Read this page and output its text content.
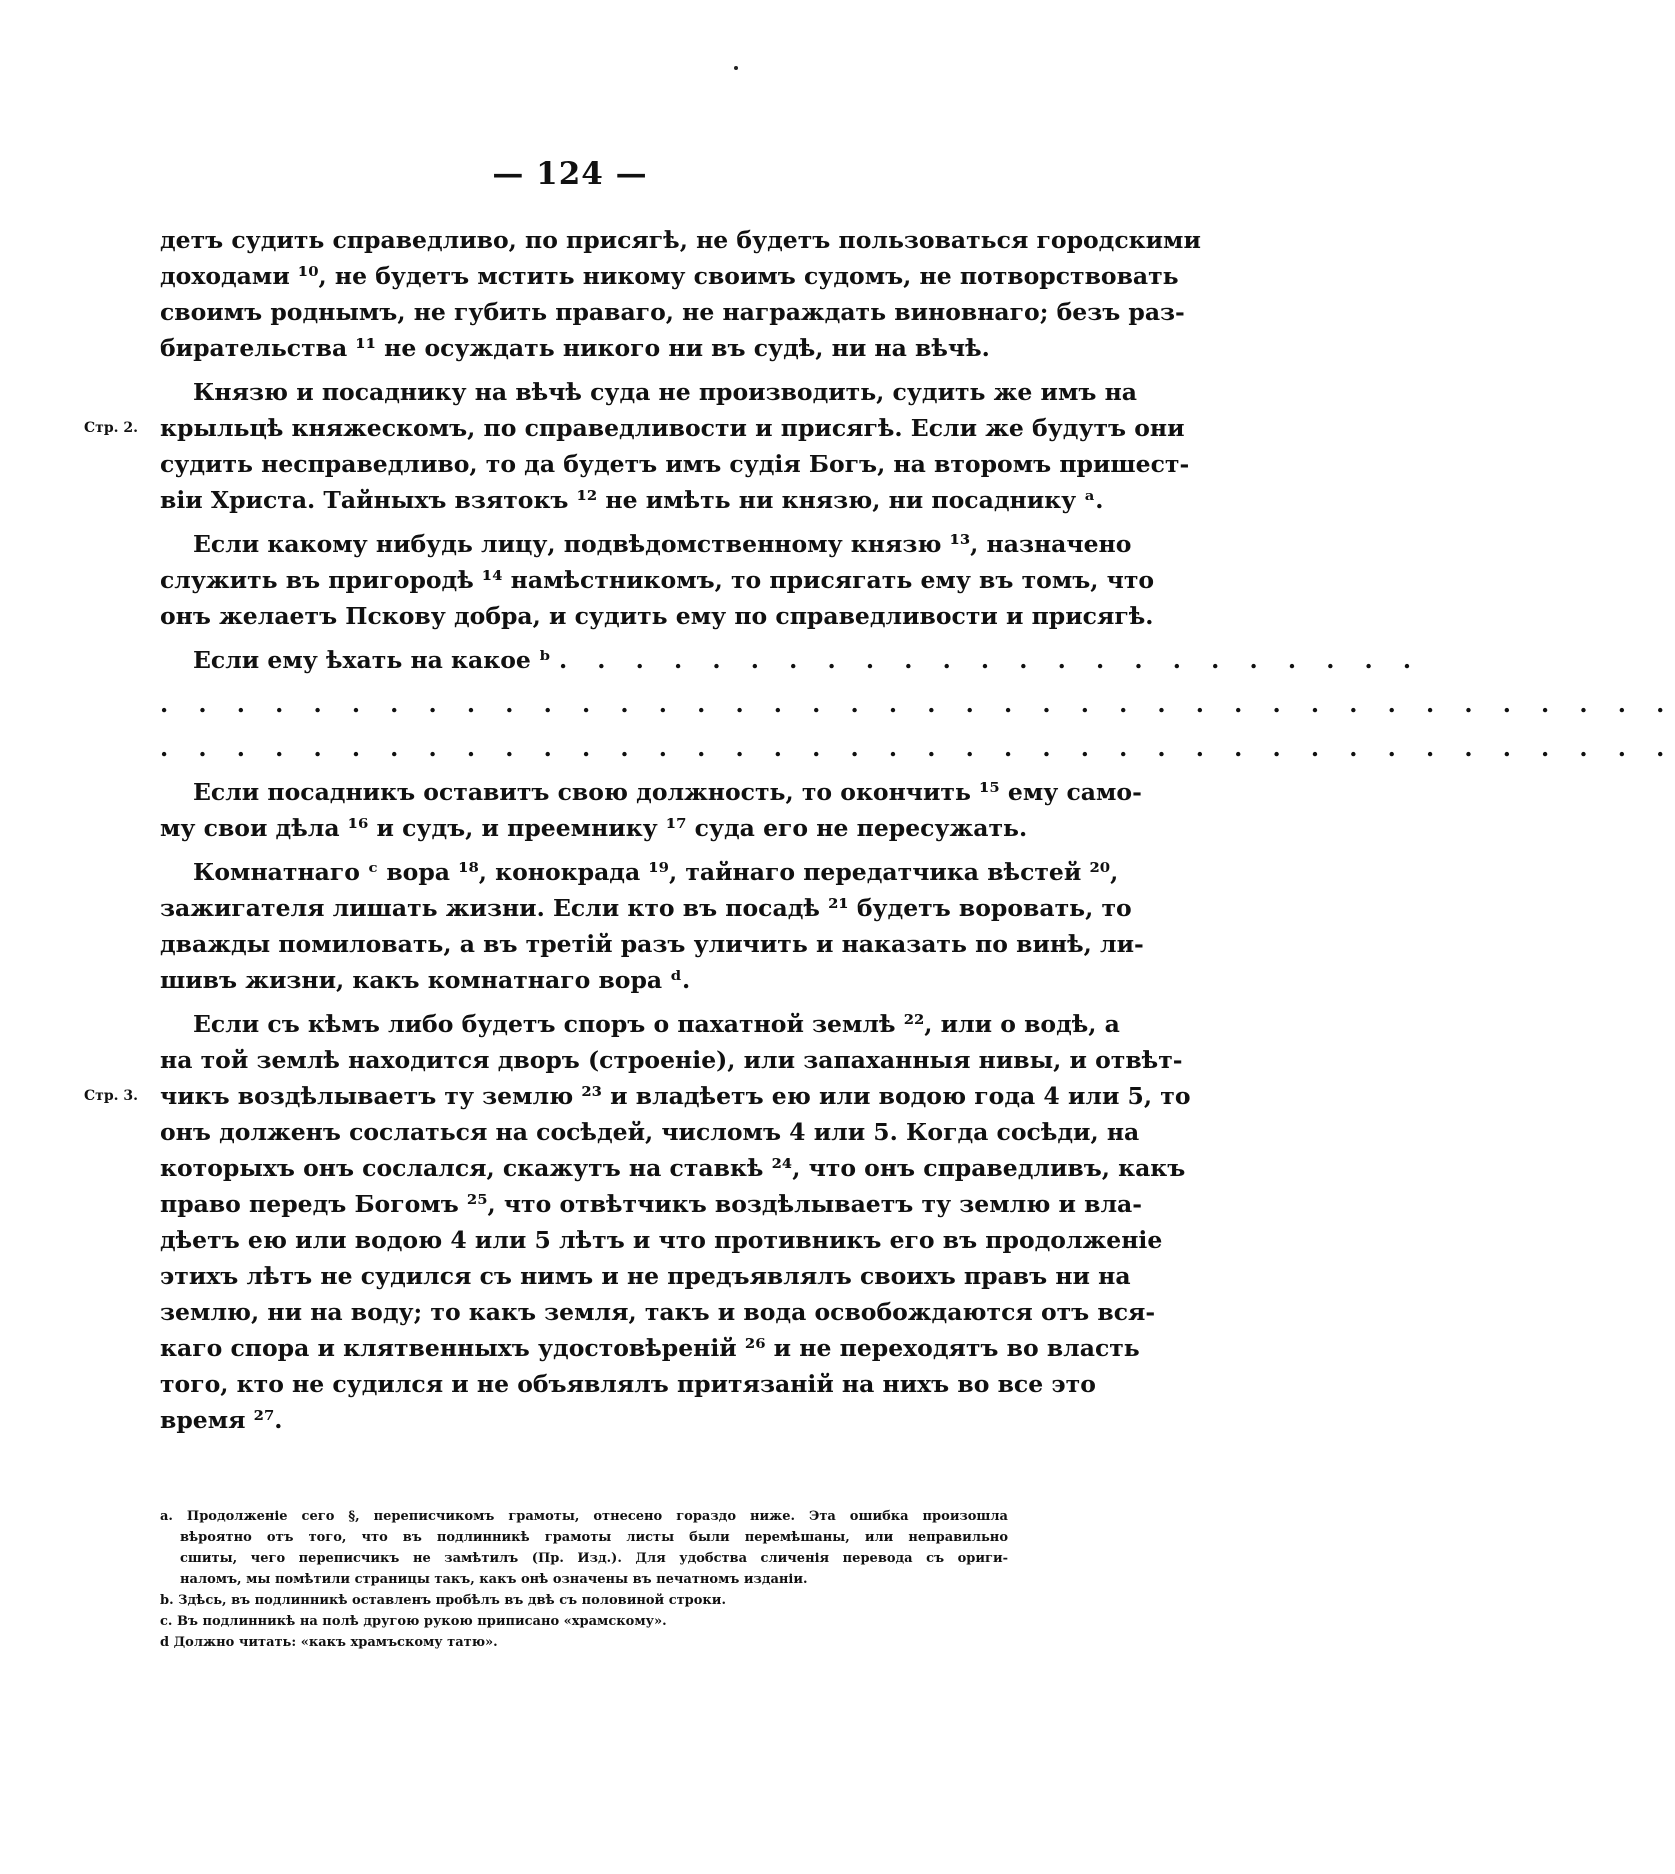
— 124 —
детъ судить справедливо, по присягѣ, не будетъ пользоваться городскими
доходами ¹⁰, не будетъ мстить никому своимъ судомъ, не потворствовать
своимъ роднымъ, не губить праваго, не награждать виновнаго; безъ раз-
бирательства ¹¹ не осуждать никого ни въ судѣ, ни на вѣчѣ.
Князю и посаднику на вѣчѣ суда не производить, судить же имъ на
Стр. 2. крыльцѣ княжескомъ, по справедливости и присягѣ. Если же будутъ они
судить несправедливо, то да будетъ имъ судія Богъ, на второмъ пришест-
віи Христа. Тайныхъ взятокъ ¹² не имѣть ни князю, ни посаднику ᵃ.
Если какому нибудь лицу, подвѣдомственному князю ¹³, назначено
служить въ пригородѣ ¹⁴ намѣстникомъ, то присягать ему въ томъ, что
онъ желаетъ Пскову добра, и судить ему по справедливости и присягѣ.
Если ему ѣхать на какое ᵇ . . . . . . . . . . . . . . . . . . . . . . .
. . . . . . . . . . . . . . . . . . . . . . . . . . . . . . . . . . . . . . . .
. . . . . . . . . . . . . . . . . . . . . . . . . . . . . . . . . . . . . . . .
Если посадникъ оставитъ свою должность, то окончить ¹⁵ ему само-
му свои дѣла ¹⁶ и судъ, и преемнику ¹⁷ суда его не пересужать.
Комнатнаго ᶜ вора ¹⁸, конокрада ¹⁹, тайнаго передатчика вѣстей ²⁰,
зажигателя лишать жизни. Если кто въ посадѣ ²¹ будетъ воровать, то
дважды помиловать, а въ третій разъ уличить и наказать по винѣ, ли-
шивъ жизни, какъ комнатнаго вора ᵈ.
Если съ кѣмъ либо будетъ споръ о пахатной землѣ ²², или о водѣ, а
на той землѣ находится дворъ (строеніе), или запаханныя нивы, и отвѣт-
Стр. 3. чикъ воздѣлываетъ ту землю ²³ и владѣетъ ею или водою года 4 или 5, то
онъ долженъ сослаться на сосѣдей, числомъ 4 или 5. Когда сосѣди, на
которыхъ онъ сослался, скажутъ на ставкѣ ²⁴, что онъ справедливъ, какъ
право передъ Богомъ ²⁵, что отвѣтчикъ воздѣлываетъ ту землю и вла-
дѣетъ ею или водою 4 или 5 лѣтъ и что противникъ его въ продолженіе
этихъ лѣтъ не судился съ нимъ и не предъявлялъ своихъ правъ ни на
землю, ни на воду; то какъ земля, такъ и вода освобождаются отъ вся-
каго спора и клятвенныхъ удостовѣреній ²⁶ и не переходятъ во власть
того, кто не судился и не объявлялъ притязаній на нихъ во все это
время ²⁷.
a. Продолженіе сего §, переписчикомъ грамоты, отнесено гораздо ниже. Эта ошибка произошла
вѣроятно отъ того, что въ подлинникѣ грамоты листы были перемѣшаны, или неправильно
сшиты, чего переписчикъ не замѣтилъ (Пр. Изд.). Для удобства сличенія перевода съ ориги-
наломъ, мы помѣтили страницы такъ, какъ онѣ означены въ печатномъ изданіи.
b. Здѣсь, въ подлинникѣ оставленъ пробѣлъ въ двѣ съ половиной строки.
c. Въ подлинникѣ на полѣ другою рукою приписано «храмскому».
d Должно читать: «какъ храмъскому татю».
